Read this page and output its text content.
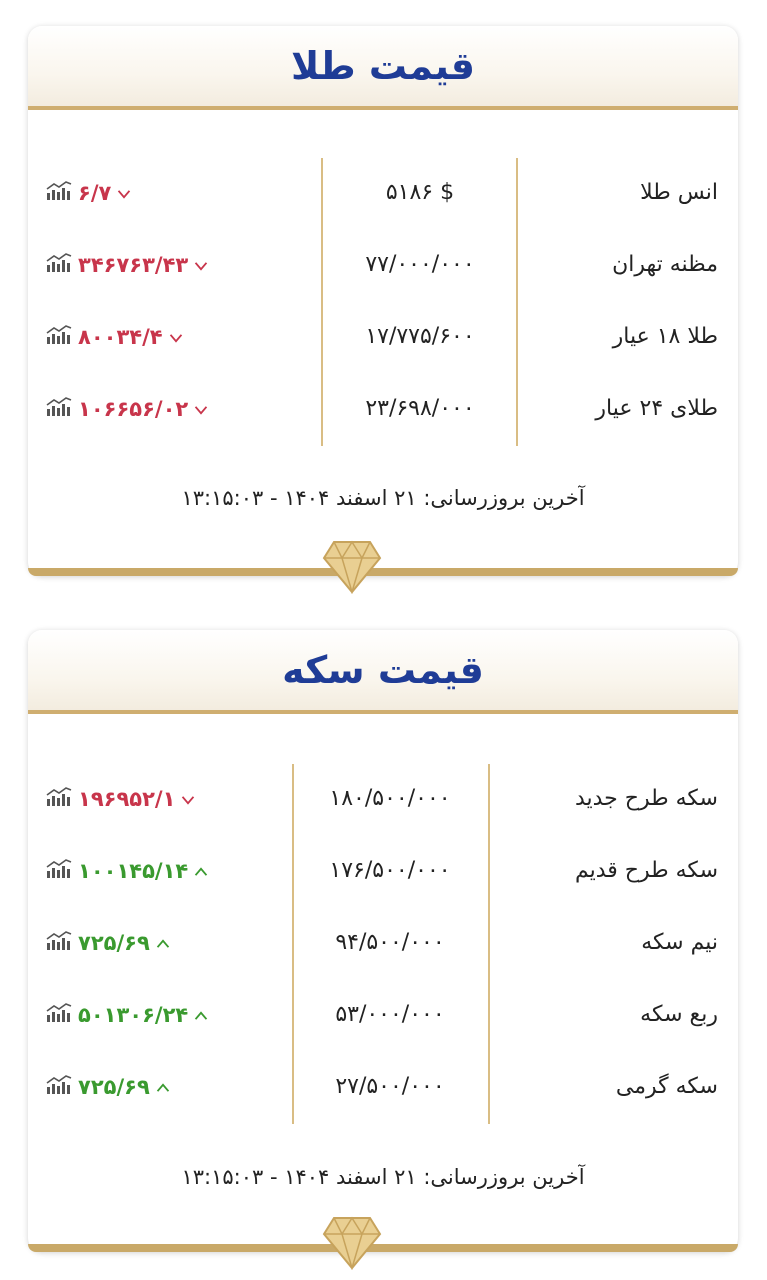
قیمت طلا
انس طلا
۵۱۸۶ $
۶/۷
مظنه تهران
۷۷/۰۰۰/۰۰۰
۳۴۶۷۶۳/۴۳
طلا ۱۸ عیار
۱۷/۷۷۵/۶۰۰
۸۰۰۳۴/۴
طلای ۲۴ عیار
۲۳/۶۹۸/۰۰۰
۱۰۶۶۵۶/۰۲
آخرین بروزرسانی: ۲۱ اسفند ۱۴۰۴ - ۱۳:۱۵:۰۳
قیمت سکه
سکه طرح جدید
۱۸۰/۵۰۰/۰۰۰
۱۹۶۹۵۲/۱
سکه طرح قدیم
۱۷۶/۵۰۰/۰۰۰
۱۰۰۱۴۵/۱۴
نیم سکه
۹۴/۵۰۰/۰۰۰
۷۲۵/۶۹
ربع سکه
۵۳/۰۰۰/۰۰۰
۵۰۱۳۰۶/۲۴
سکه گرمی
۲۷/۵۰۰/۰۰۰
۷۲۵/۶۹
آخرین بروزرسانی: ۲۱ اسفند ۱۴۰۴ - ۱۳:۱۵:۰۳
